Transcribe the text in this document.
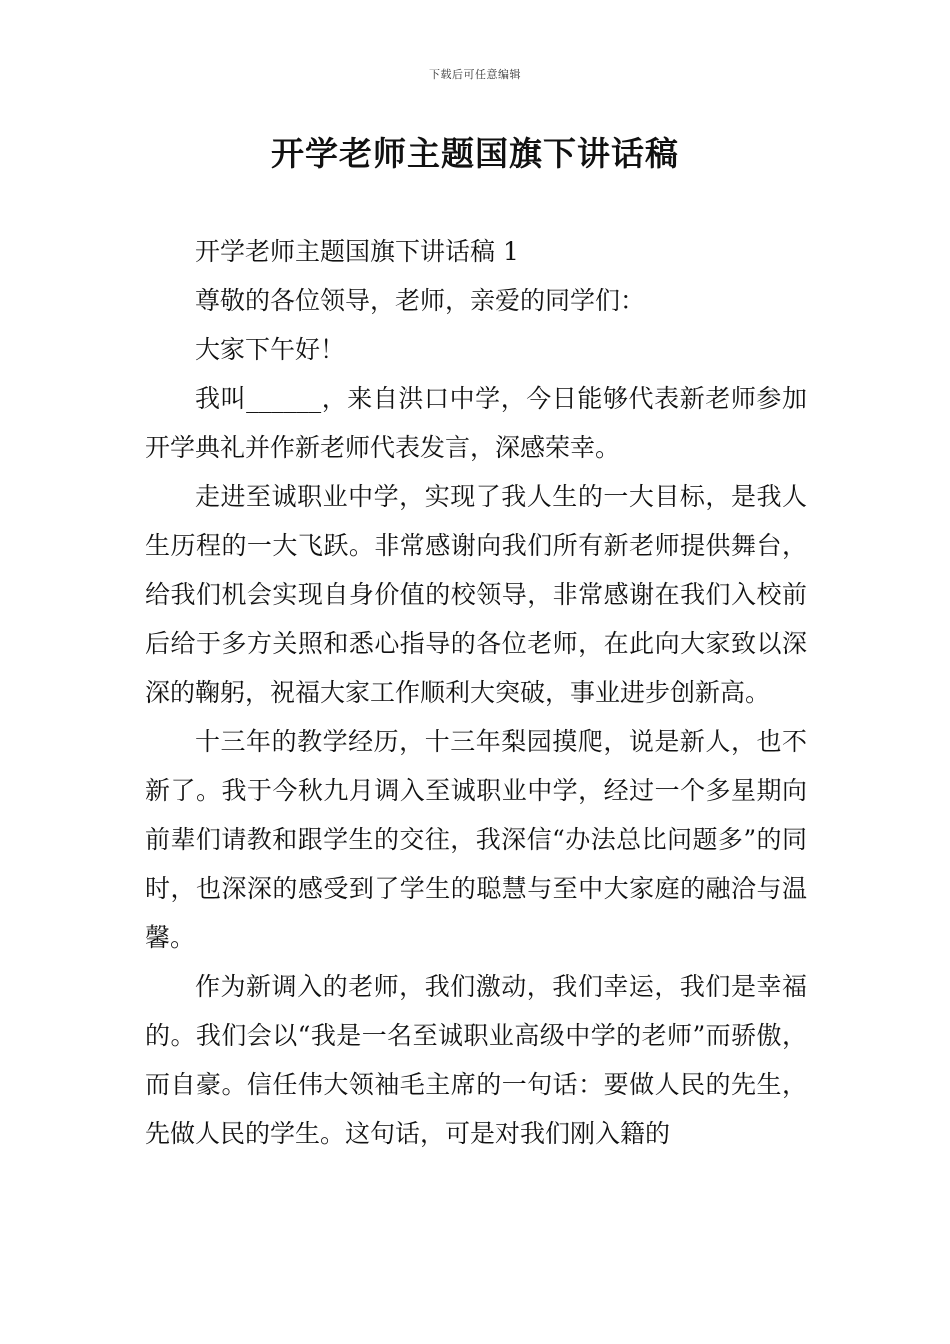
下载后可任意编辑
开学老师主题国旗下讲话稿

开学老师主题国旗下讲话稿 1

尊敬的各位领导，老师，亲爱的同学们：

大家下午好！

我叫______，来自洪口中学，今日能够代表新老师参加开学典礼并作新老师代表发言，深感荣幸。

走进至诚职业中学，实现了我人生的一大目标，是我人生历程的一大飞跃。非常感谢向我们所有新老师提供舞台，给我们机会实现自身价值的校领导，非常感谢在我们入校前后给于多方关照和悉心指导的各位老师，在此向大家致以深深的鞠躬，祝福大家工作顺利大突破，事业进步创新高。

十三年的教学经历，十三年梨园摸爬，说是新人，也不新了。我于今秋九月调入至诚职业中学，经过一个多星期向前辈们请教和跟学生的交往，我深信“办法总比问题多”的同时，也深深的感受到了学生的聪慧与至中大家庭的融洽与温馨。

作为新调入的老师，我们激动，我们幸运，我们是幸福的。我们会以“我是一名至诚职业高级中学的老师”而骄傲，而自豪。信任伟大领袖毛主席的一句话：要做人民的先生，先做人民的学生。这句话，可是对我们刚入籍的
